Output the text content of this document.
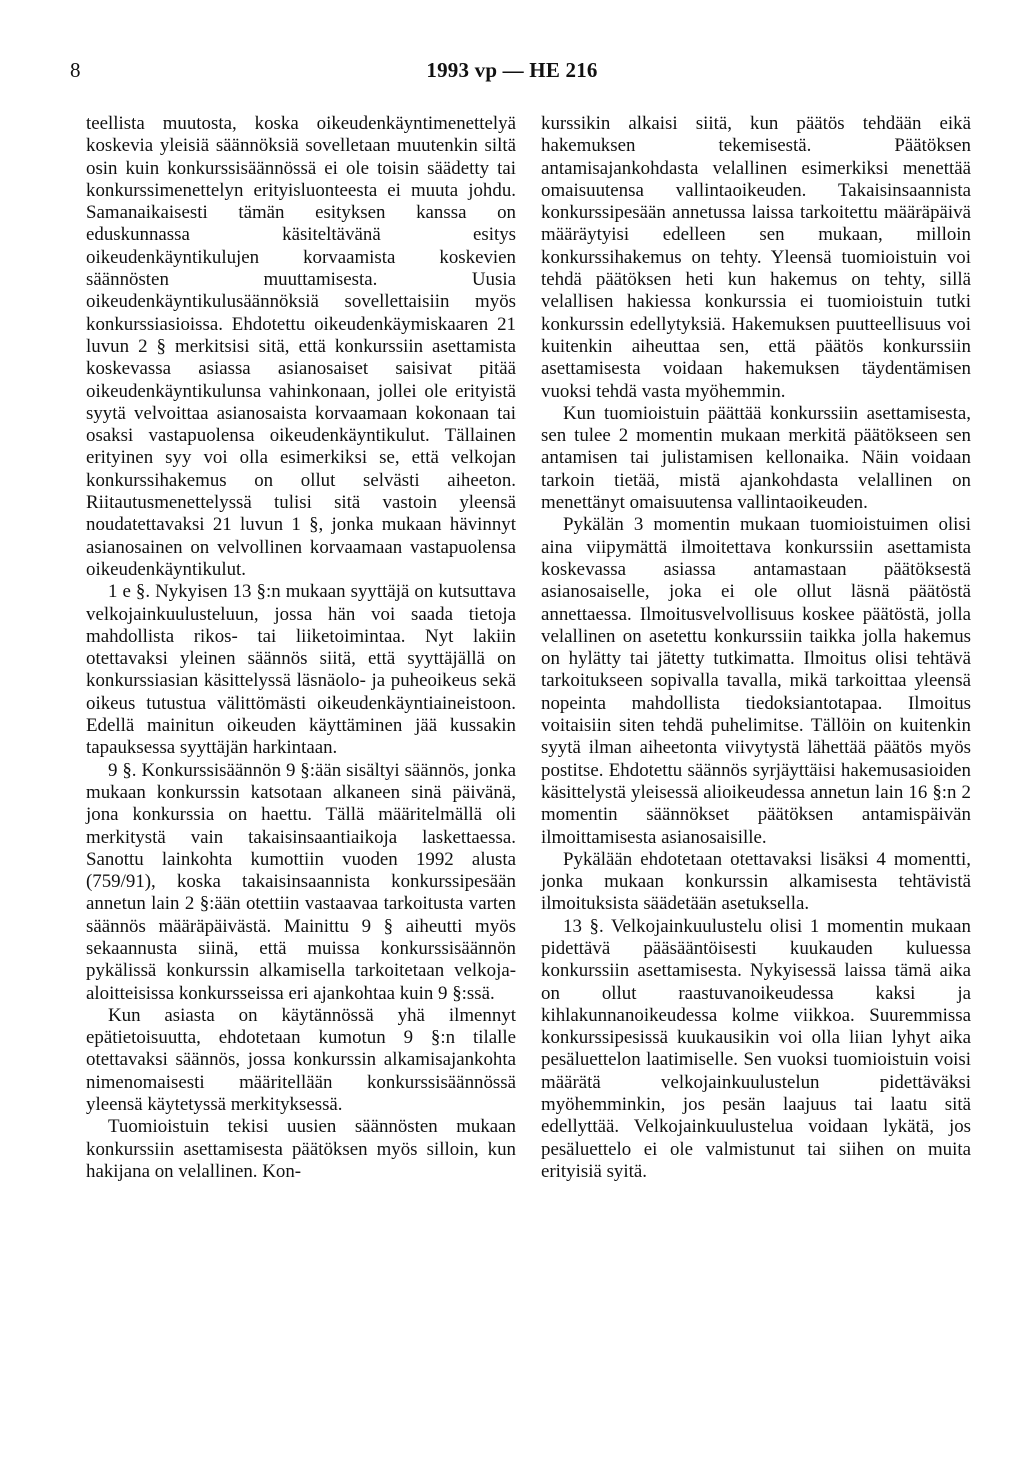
8	1993 vp — HE 216

teellista muutosta, koska oikeudenkäyntimenettelyä koskevia yleisiä säännöksiä sovelletaan muutenkin siltä osin kuin konkurssisäännössä ei ole toisin säädetty tai konkurssimenettelyn erityisluonteesta ei muuta johdu. Samanaikaisesti tämän esityksen kanssa on eduskunnassa käsiteltävänä esitys oikeudenkäyntikulujen korvaamista koskevien säännösten muuttamisesta. Uusia oikeudenkäyntikulusäännöksiä sovellettaisiin myös konkurssiasioissa. Ehdotettu oikeudenkäymiskaaren 21 luvun 2 § merkitsisi sitä, että konkurssiin asettamista koskevassa asiassa asianosaiset saisivat pitää oikeudenkäyntikulunsa vahinkonaan, jollei ole erityistä syytä velvoittaa asianosaista korvaamaan kokonaan tai osaksi vastapuolensa oikeudenkäyntikulut. Tällainen erityinen syy voi olla esimerkiksi se, että velkojan konkurssihakemus on ollut selvästi aiheeton. Riitautusmenettelyssä tulisi sitä vastoin yleensä noudatettavaksi 21 luvun 1 §, jonka mukaan hävinnyt asianosainen on velvollinen korvaamaan vastapuolensa oikeudenkäyntikulut.

1 e §. Nykyisen 13 §:n mukaan syyttäjä on kutsuttava velkojainkuulusteluun, jossa hän voi saada tietoja mahdollista rikos- tai liiketoimintaa. Nyt lakiin otettavaksi yleinen säännös siitä, että syyttäjällä on konkurssiasian käsittelyssä läsnäolo- ja puheoikeus sekä oikeus tutustua välittömästi oikeudenkäyntiaineistoon. Edellä mainitun oikeuden käyttäminen jää kussakin tapauksessa syyttäjän harkintaan.

9 §. Konkurssisäännön 9 §:ään sisältyi säännös, jonka mukaan konkurssin katsotaan alkaneen sinä päivänä, jona konkurssia on haettu. Tällä määritelmällä oli merkitystä vain takaisinsaantiaikoja laskettaessa. Sanottu lainkohta kumottiin vuoden 1992 alusta (759/91), koska takaisinsaannista konkurssipesään annetun lain 2 §:ään otettiin vastaavaa tarkoitusta varten säännös määräpäivästä. Mainittu 9 § aiheutti myös sekaannusta siinä, että muissa konkurssisäännön pykälissä konkurssin alkamisella tarkoitetaan velkoja-aloitteisissa konkursseissa eri ajankohtaa kuin 9 §:ssä.

Kun asiasta on käytännössä yhä ilmennyt epätietoisuutta, ehdotetaan kumotun 9 §:n tilalle otettavaksi säännös, jossa konkurssin alkamisajankohta nimenomaisesti määritellään konkurssisäännössä yleensä käytetyssä merkityksessä.

Tuomioistuin tekisi uusien säännösten mukaan konkurssiin asettamisesta päätöksen myös silloin, kun hakijana on velallinen. Kon-

kurssikin alkaisi siitä, kun päätös tehdään eikä hakemuksen tekemisestä. Päätöksen antamisajankohdasta velallinen esimerkiksi menettää omaisuutensa vallintaoikeuden. Takaisinsaannista konkurssipesään annetussa laissa tarkoitettu määräpäivä määräytyisi edelleen sen mukaan, milloin konkurssihakemus on tehty. Yleensä tuomioistuin voi tehdä päätöksen heti kun hakemus on tehty, sillä velallisen hakiessa konkurssia ei tuomioistuin tutki konkurssin edellytyksiä. Hakemuksen puutteellisuus voi kuitenkin aiheuttaa sen, että päätös konkurssiin asettamisesta voidaan hakemuksen täydentämisen vuoksi tehdä vasta myöhemmin.

Kun tuomioistuin päättää konkurssiin asettamisesta, sen tulee 2 momentin mukaan merkitä päätökseen sen antamisen tai julistamisen kellonaika. Näin voidaan tarkoin tietää, mistä ajankohdasta velallinen on menettänyt omaisuutensa vallintaoikeuden.

Pykälän 3 momentin mukaan tuomioistuimen olisi aina viipymättä ilmoitettava konkurssiin asettamista koskevassa asiassa antamastaan päätöksestä asianosaiselle, joka ei ole ollut läsnä päätöstä annettaessa. Ilmoitusvelvollisuus koskee päätöstä, jolla velallinen on asetettu konkurssiin taikka jolla hakemus on hylätty tai jätetty tutkimatta. Ilmoitus olisi tehtävä tarkoitukseen sopivalla tavalla, mikä tarkoittaa yleensä nopeinta mahdollista tiedoksiantotapaa. Ilmoitus voitaisiin siten tehdä puhelimitse. Tällöin on kuitenkin syytä ilman aiheetonta viivytystä lähettää päätös myös postitse. Ehdotettu säännös syrjäyttäisi hakemusasioiden käsittelystä yleisessä alioikeudessa annetun lain 16 §:n 2 momentin säännökset päätöksen antamispäivän ilmoittamisesta asianosaisille.

Pykälään ehdotetaan otettavaksi lisäksi 4 momentti, jonka mukaan konkurssin alkamisesta tehtävistä ilmoituksista säädetään asetuksella.

13 §. Velkojainkuulustelu olisi 1 momentin mukaan pidettävä pääsääntöisesti kuukauden kuluessa konkurssiin asettamisesta. Nykyisessä laissa tämä aika on ollut raastuvanoikeudessa kaksi ja kihlakunnanoikeudessa kolme viikkoa. Suuremmissa konkurssipesissä kuukausikin voi olla liian lyhyt aika pesäluettelon laatimiselle. Sen vuoksi tuomioistuin voisi määrätä velkojainkuulustelun pidettäväksi myöhemminkin, jos pesän laajuus tai laatu sitä edellyttää. Velkojainkuulustelua voidaan lykätä, jos pesäluettelo ei ole valmistunut tai siihen on muita erityisiä syitä.
